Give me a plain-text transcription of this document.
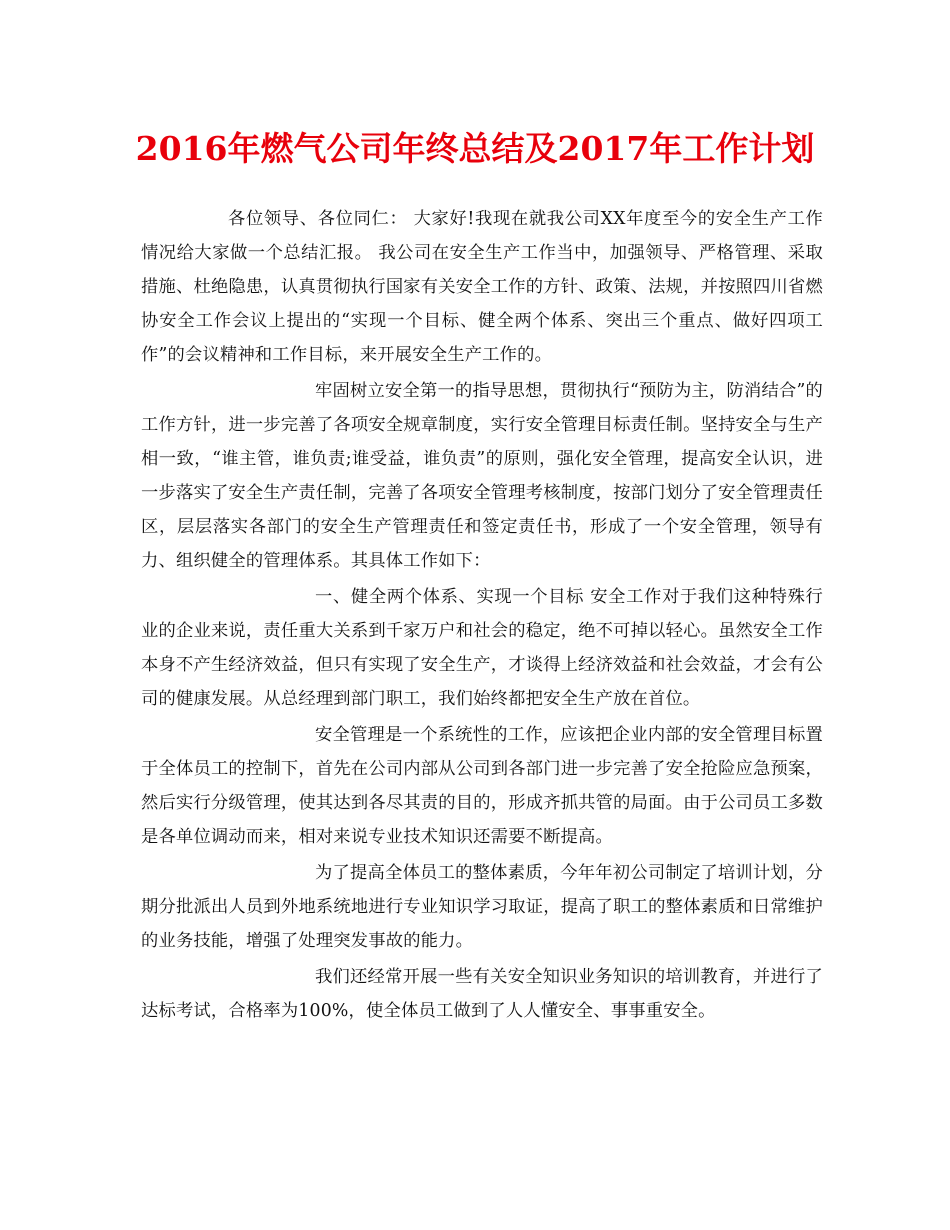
2016年燃气公司年终总结及2017年工作计划

各位领导、各位同仁： 大家好!我现在就我公司XX年度至今的安全生产工作情况给大家做一个总结汇报。 我公司在安全生产工作当中，加强领导、严格管理、采取措施、杜绝隐患，认真贯彻执行国家有关安全工作的方针、政策、法规，并按照四川省燃协安全工作会议上提出的“实现一个目标、健全两个体系、突出三个重点、做好四项工作”的会议精神和工作目标，来开展安全生产工作的。

牢固树立安全第一的指导思想，贯彻执行“预防为主，防消结合”的工作方针，进一步完善了各项安全规章制度，实行安全管理目标责任制。坚持安全与生产相一致，“谁主管，谁负责;谁受益，谁负责”的原则，强化安全管理，提高安全认识，进一步落实了安全生产责任制，完善了各项安全管理考核制度，按部门划分了安全管理责任区，层层落实各部门的安全生产管理责任和签定责任书，形成了一个安全管理，领导有力、组织健全的管理体系。其具体工作如下：

一、健全两个体系、实现一个目标 安全工作对于我们这种特殊行业的企业来说，责任重大关系到千家万户和社会的稳定，绝不可掉以轻心。虽然安全工作本身不产生经济效益，但只有实现了安全生产，才谈得上经济效益和社会效益，才会有公司的健康发展。从总经理到部门职工，我们始终都把安全生产放在首位。

安全管理是一个系统性的工作，应该把企业内部的安全管理目标置于全体员工的控制下，首先在公司内部从公司到各部门进一步完善了安全抢险应急预案，然后实行分级管理，使其达到各尽其责的目的，形成齐抓共管的局面。由于公司员工多数是各单位调动而来，相对来说专业技术知识还需要不断提高。

为了提高全体员工的整体素质，今年年初公司制定了培训计划，分期分批派出人员到外地系统地进行专业知识学习取证，提高了职工的整体素质和日常维护的业务技能，增强了处理突发事故的能力。

我们还经常开展一些有关安全知识业务知识的培训教育，并进行了达标考试，合格率为100%，使全体员工做到了人人懂安全、事事重安全。
